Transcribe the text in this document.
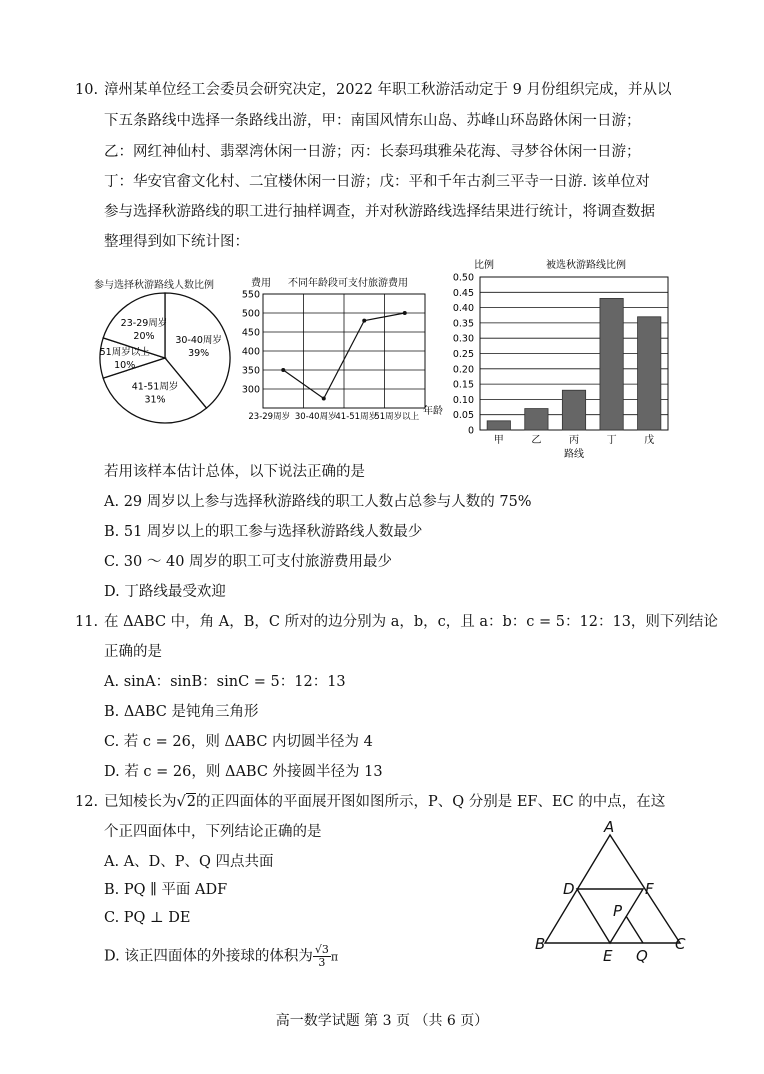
10. 漳州某单位经工会委员会研究决定，2022 年职工秋游活动定于 9 月份组织完成，并从以
下五条路线中选择一条路线出游，甲：南国风情东山岛、苏峰山环岛路休闲一日游；
乙：网红神仙村、翡翠湾休闲一日游；丙：长泰玛琪雅朵花海、寻梦谷休闲一日游；
丁：华安官畲文化村、二宜楼休闲一日游；戊：平和千年古刹三平寺一日游. 该单位对
参与选择秋游路线的职工进行抽样调查，并对秋游路线选择结果进行统计，将调查数据
整理得到如下统计图：
参与选择秋游路线人数比例
30-40周岁
39%
41-51周岁
31%
51周岁以上
10%
23-29周岁
20%
费用 不同年龄段可支付旅游费用
300
350
400
450
500
550
23-29周岁 30-40周岁
41-51周岁
51周岁以上 年龄
比例	被选秋游路线比例
0
0.05
0.10
0.15
0.20
0.25
0.30
0.35
0.40
0.45
0.50
甲	乙	丙	丁	戊
路线
若用该样本估计总体，以下说法正确的是
A. 29 周岁以上参与选择秋游路线的职工人数占总参与人数的 75%
B. 51 周岁以上的职工参与选择秋游路线人数最少
C. 30 ～ 40 周岁的职工可支付旅游费用最少
D. 丁路线最受欢迎
11. 在 ΔABC 中，角 A，B，C 所对的边分别为 a，b，c，且 a：b：c = 5：12：13，则下列结论
正确的是
A. sinA：sinB：sinC = 5：12：13
B. ΔABC 是钝角三角形
C. 若 c = 26，则 ΔABC 内切圆半径为 4
D. 若 c = 26，则 ΔABC 外接圆半径为 13
12. 已知棱长为√2的正四面体的平面展开图如图所示，P、Q 分别是 EF、EC 的中点，在这
个正四面体中，下列结论正确的是
A. A、D、P、Q 四点共面
B. PQ ∥ 平面 ADF
C. PQ ⊥ DE
D. 该正四面体的外接球的体积为 $\frac{√3}{3}$ π
A
B	C
D	F
E
P
Q
高一数学试题 第 3 页 （共 6 页）
